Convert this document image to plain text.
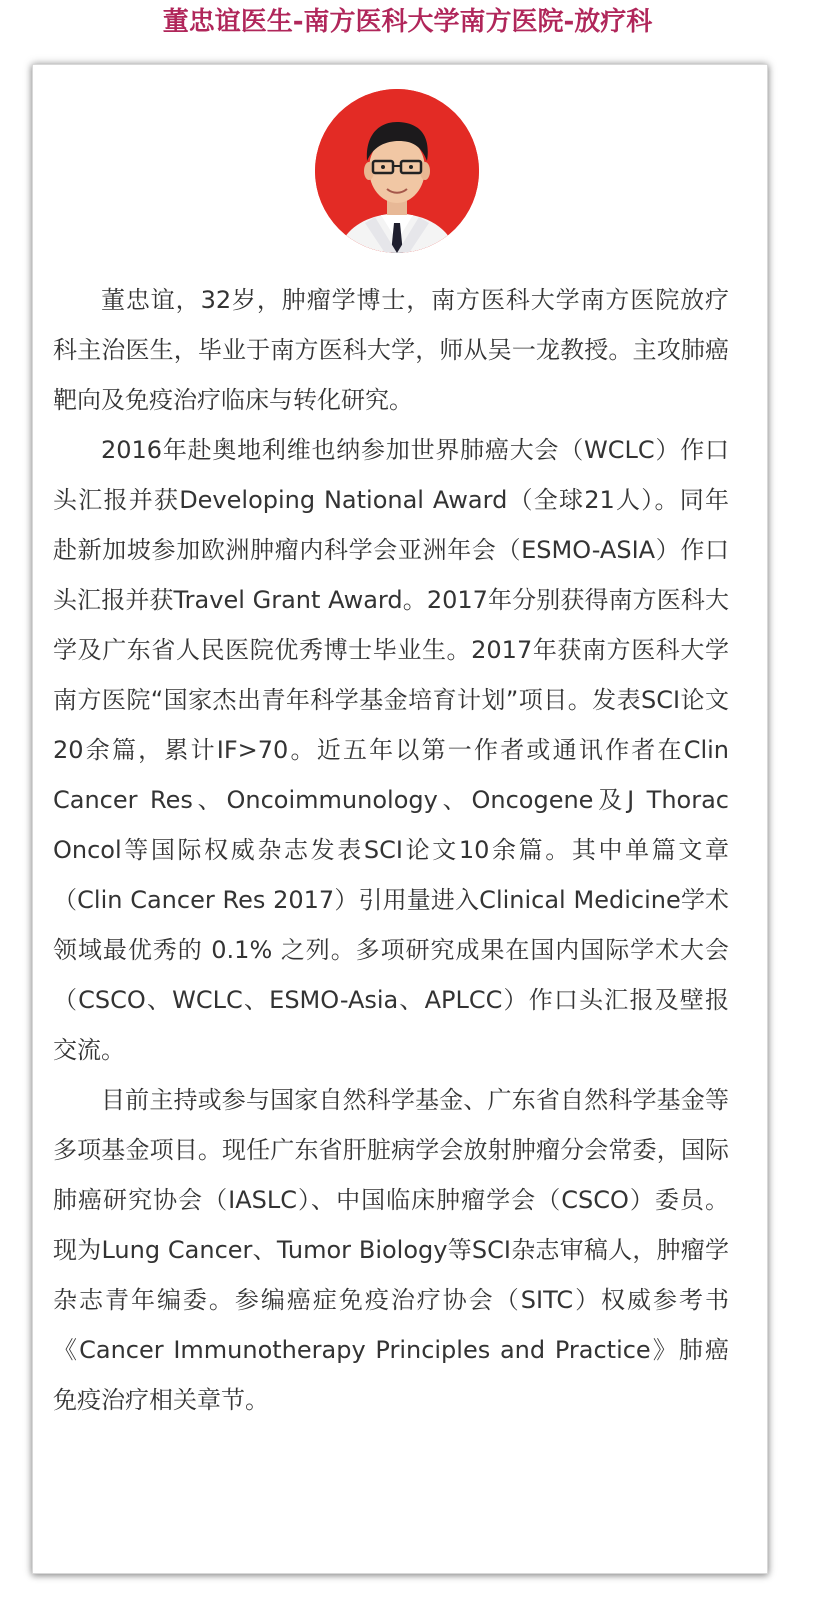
董忠谊医生-南方医科大学南方医院-放疗科

董忠谊，32岁，肿瘤学博士，南方医科大学南方医院放疗科主治医生，毕业于南方医科大学，师从吴一龙教授。主攻肺癌靶向及免疫治疗临床与转化研究。

2016年赴奥地利维也纳参加世界肺癌大会（WCLC）作口头汇报并获Developing National Award（全球21人）。同年赴新加坡参加欧洲肿瘤内科学会亚洲年会（ESMO-ASIA）作口头汇报并获Travel Grant Award。2017年分别获得南方医科大学及广东省人民医院优秀博士毕业生。2017年获南方医科大学南方医院“国家杰出青年科学基金培育计划”项目。发表SCI论文20余篇，累计IF>70。近五年以第一作者或通讯作者在Clin Cancer Res、Oncoimmunology、Oncogene及J Thorac Oncol等国际权威杂志发表SCI论文10余篇。其中单篇文章（Clin Cancer Res 2017）引用量进入Clinical Medicine学术领域最优秀的 0.1% 之列。多项研究成果在国内国际学术大会（CSCO、WCLC、ESMO-Asia、APLCC）作口头汇报及壁报交流。

目前主持或参与国家自然科学基金、广东省自然科学基金等多项基金项目。现任广东省肝脏病学会放射肿瘤分会常委，国际肺癌研究协会（IASLC）、中国临床肿瘤学会（CSCO）委员。现为Lung Cancer、Tumor Biology等SCI杂志审稿人，肿瘤学杂志青年编委。参编癌症免疫治疗协会（SITC）权威参考书《Cancer Immunotherapy Principles and Practice》肺癌免疫治疗相关章节。
